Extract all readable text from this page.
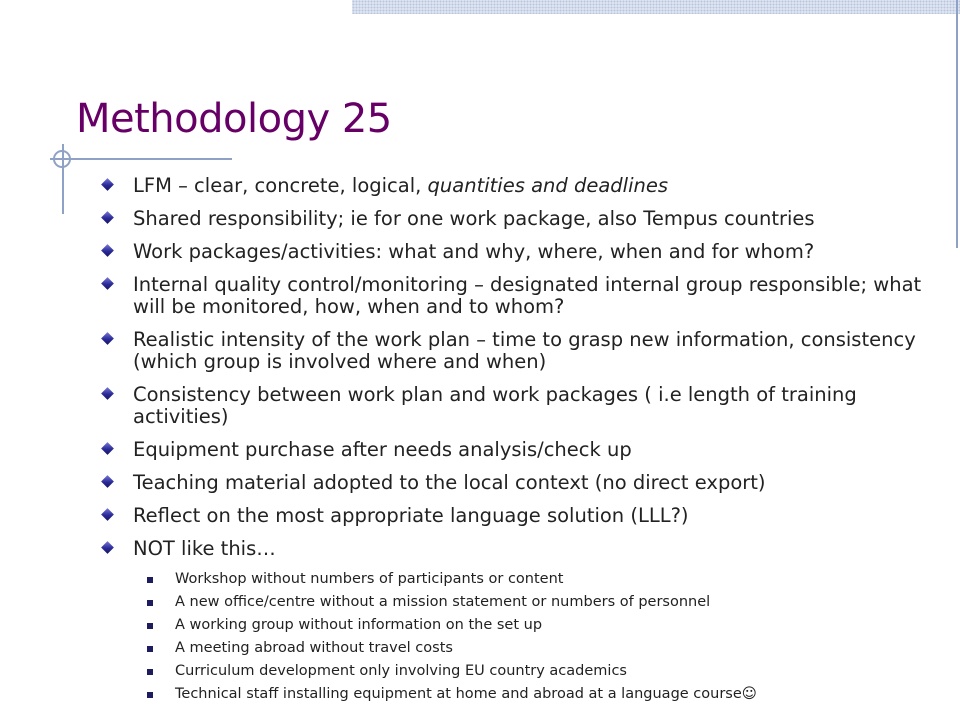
Methodology 25
LFM – clear, concrete, logical, quantities and deadlines
Shared responsibility; ie for one work package, also Tempus countries
Work packages/activities: what and why, where, when and for whom?
Internal quality control/monitoring – designated internal group responsible; what will be monitored, how, when and to whom?
Realistic intensity of the work plan – time to grasp new information, consistency (which group is involved where and when)
Consistency between work plan and work packages ( i.e length of training activities)
Equipment purchase after needs analysis/check up
Teaching material adopted to the local context (no direct export)
Reflect on the most appropriate language solution (LLL?)
NOT like this…
Workshop without numbers of participants or content
A new office/centre without a mission statement or numbers of personnel
A working group without information on the set up
A meeting abroad without travel costs
Curriculum development only involving EU country academics
Technical staff installing equipment at home and abroad at a language course☺
